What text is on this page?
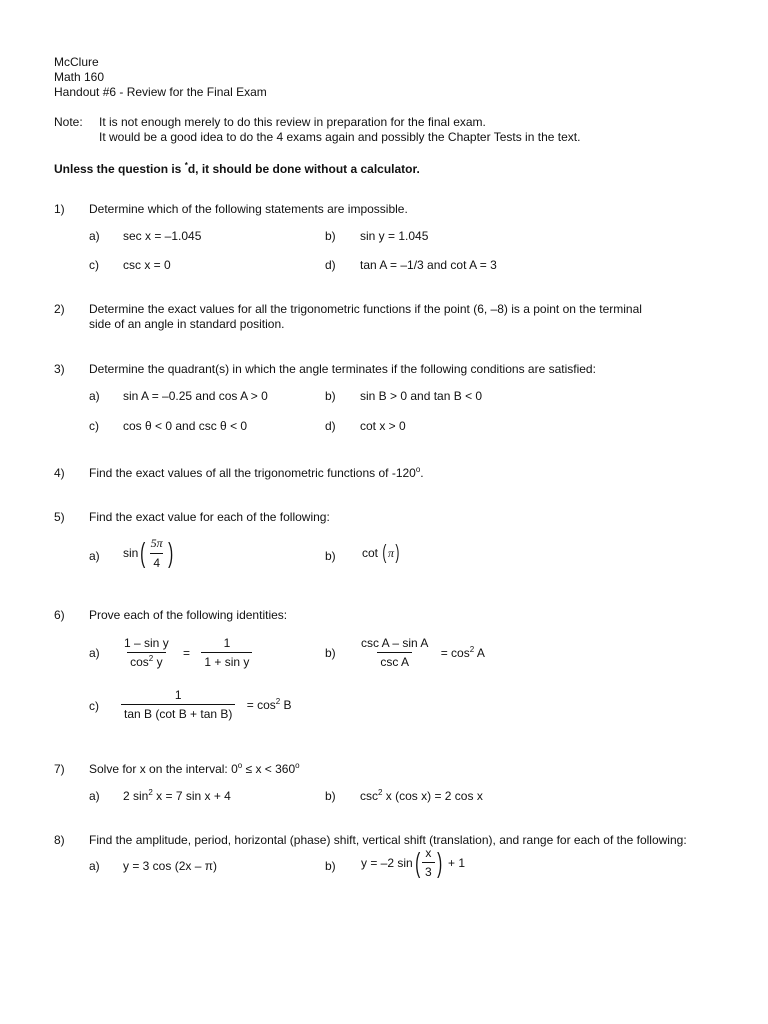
McClure
Math 160
Handout #6 - Review for the Final Exam
Note: It is not enough merely to do this review in preparation for the final exam.
It would be a good idea to do the 4 exams again and possibly the Chapter Tests in the text.
Unless the question is *d, it should be done without a calculator.
1) Determine which of the following statements are impossible.
a) sec x = –1.045	b) sin y = 1.045
c) csc x = 0	d) tan A = –1/3 and cot A = 3
2) Determine the exact values for all the trigonometric functions if the point (6, –8) is a point on the terminal
side of an angle in standard position.
3) Determine the quadrant(s) in which the angle terminates if the following conditions are satisfied:
a) sin A = –0.25 and cos A > 0	b) sin B > 0 and tan B < 0
c) cos θ < 0 and csc θ < 0	d) cot x > 0
4) Find the exact values of all the trigonometric functions of -120$^o$.
5) Find the exact value for each of the following:
a) $\sin( \frac{5\pi}{4}$ )	b) cot (π)
6) Prove each of the following identities:
$a) \frac{\text{1 – sin y}}{\cos^2 y} = \frac{1}{\text{1 + sin y}}$	$b) \frac{\text{csc A – sin A}}{\text{csc A}} = \cos^2 A$
$c) \frac{1}{\text{tan B (cot B + tan B)}} = \cos^2 B$
7) Solve for x on the interval: $0^o \le x < 360^o$
a) 2 $\sin^2 x = 7$ sin x + 4	b) $\csc^2 x$ (cos x) = 2 cos x
8) Find the amplitude, period, horizontal (phase) shift, vertical shift (translation), and range for each of the following:
a) y = 3 cos (2x – π)	b) y = –2 $\sin( \frac{x}{3}$ ) + 1
